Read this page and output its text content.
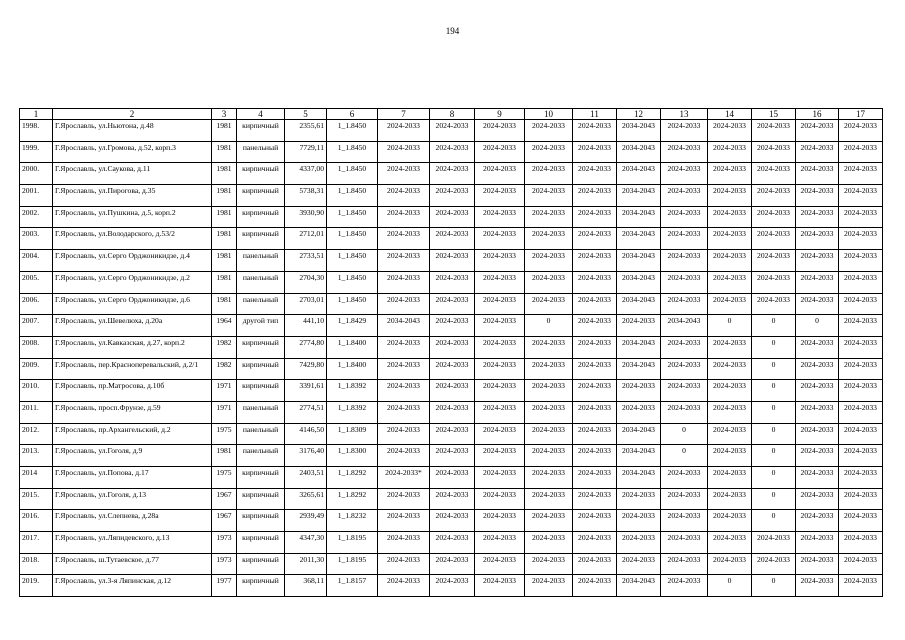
194
1	2	3	4	5	6	7	8	9	10	11	12	13	14	15	16	17
1998.	Г.Ярославль, ул.Ньютона, д.48	1981	кирпичный	2355,61	1_1.8450	2024-2033	2024-2033	2024-2033	2024-2033	2024-2033	2034-2043	2024-2033	2024-2033	2024-2033	2024-2033	2024-2033
1999.	Г.Ярославль, ул.Громова, д.52, корп.3	1981	панельный	7729,11	1_1.8450	2024-2033	2024-2033	2024-2033	2024-2033	2024-2033	2034-2043	2024-2033	2024-2033	2024-2033	2024-2033	2024-2033
2000.	Г.Ярославль, ул.Саукова, д.11	1981	кирпичный	4337,00	1_1.8450	2024-2033	2024-2033	2024-2033	2024-2033	2024-2033	2034-2043	2024-2033	2024-2033	2024-2033	2024-2033	2024-2033
2001.	Г.Ярославль, ул.Пирогова, д.35	1981	кирпичный	5738,31	1_1.8450	2024-2033	2024-2033	2024-2033	2024-2033	2024-2033	2034-2043	2024-2033	2024-2033	2024-2033	2024-2033	2024-2033
2002.	Г.Ярославль, ул.Пушкина, д.5, корп.2	1981	кирпичный	3930,90	1_1.8450	2024-2033	2024-2033	2024-2033	2024-2033	2024-2033	2034-2043	2024-2033	2024-2033	2024-2033	2024-2033	2024-2033
2003.	Г.Ярославль, ул.Володарского, д.53/2	1981	кирпичный	2712,01	1_1.8450	2024-2033	2024-2033	2024-2033	2024-2033	2024-2033	2034-2043	2024-2033	2024-2033	2024-2033	2024-2033	2024-2033
2004.	Г.Ярославль, ул.Серго Орджоникидзе, д.4	1981	панельный	2733,51	1_1.8450	2024-2033	2024-2033	2024-2033	2024-2033	2024-2033	2034-2043	2024-2033	2024-2033	2024-2033	2024-2033	2024-2033
2005.	Г.Ярославль, ул.Серго Орджоникидзе, д.2	1981	панельный	2704,30	1_1.8450	2024-2033	2024-2033	2024-2033	2024-2033	2024-2033	2034-2043	2024-2033	2024-2033	2024-2033	2024-2033	2024-2033
2006.	Г.Ярославль, ул.Серго Орджоникидзе, д.6	1981	панельный	2703,01	1_1.8450	2024-2033	2024-2033	2024-2033	2024-2033	2024-2033	2034-2043	2024-2033	2024-2033	2024-2033	2024-2033	2024-2033
2007.	Г.Ярославль, ул.Шевелюха, д.20а	1964	другой тип	441,10	1_1.8429	2034-2043	2024-2033	2024-2033	0	2024-2033	2024-2033	2034-2043	0	0	0	2024-2033
2008.	Г.Ярославль, ул.Кавказская, д.27, корп.2	1982	кирпичный	2774,80	1_1.8400	2024-2033	2024-2033	2024-2033	2024-2033	2024-2033	2034-2043	2024-2033	2024-2033	0	2024-2033	2024-2033
2009.	Г.Ярославль, пер.Красноперевальский, д.2/1	1982	кирпичный	7429,80	1_1.8400	2024-2033	2024-2033	2024-2033	2024-2033	2024-2033	2034-2043	2024-2033	2024-2033	0	2024-2033	2024-2033
2010.	Г.Ярославль, пр.Матросова, д.10б	1971	кирпичный	3391,61	1_1.8392	2024-2033	2024-2033	2024-2033	2024-2033	2024-2033	2024-2033	2024-2033	2024-2033	0	2024-2033	2024-2033
2011.	Г.Ярославль, просп.Фрунзе, д.59	1971	панельный	2774,51	1_1.8392	2024-2033	2024-2033	2024-2033	2024-2033	2024-2033	2024-2033	2024-2033	2024-2033	0	2024-2033	2024-2033
2012.	Г.Ярославль, пр.Архангельский, д.2	1975	панельный	4146,50	1_1.8309	2024-2033	2024-2033	2024-2033	2024-2033	2024-2033	2034-2043	0	2024-2033	0	2024-2033	2024-2033
2013.	Г.Ярославль, ул.Гоголя, д.9	1981	панельный	3176,40	1_1.8300	2024-2033	2024-2033	2024-2033	2024-2033	2024-2033	2034-2043	0	2024-2033	0	2024-2033	2024-2033
2014	Г.Ярославль, ул.Попова, д.17	1975	кирпичный	2403,51	1_1.8292	2024-2033*	2024-2033	2024-2033	2024-2033	2024-2033	2034-2043	2024-2033	2024-2033	0	2024-2033	2024-2033
2015.	Г.Ярославль, ул.Гоголя, д.13	1967	кирпичный	3265,61	1_1.8292	2024-2033	2024-2033	2024-2033	2024-2033	2024-2033	2024-2033	2024-2033	2024-2033	0	2024-2033	2024-2033
2016.	Г.Ярославль, ул.Слепнева, д.28а	1967	кирпичный	2939,49	1_1.8232	2024-2033	2024-2033	2024-2033	2024-2033	2024-2033	2024-2033	2024-2033	2024-2033	0	2024-2033	2024-2033
2017.	Г.Ярославль, ул.Ляпидевского, д.13	1973	кирпичный	4347,30	1_1.8195	2024-2033	2024-2033	2024-2033	2024-2033	2024-2033	2024-2033	2024-2033	2024-2033	2024-2033	2024-2033	2024-2033
2018.	Г.Ярославль, ш.Тутаевское, д.77	1973	кирпичный	2011,30	1_1.8195	2024-2033	2024-2033	2024-2033	2024-2033	2024-2033	2024-2033	2024-2033	2024-2033	2024-2033	2024-2033	2024-2033
2019.	Г.Ярославль, ул.3-я Ляпинская, д.12	1977	кирпичный	368,11	1_1.8157	2024-2033	2024-2033	2024-2033	2024-2033	2024-2033	2034-2043	2024-2033	0	0	2024-2033	2024-2033
